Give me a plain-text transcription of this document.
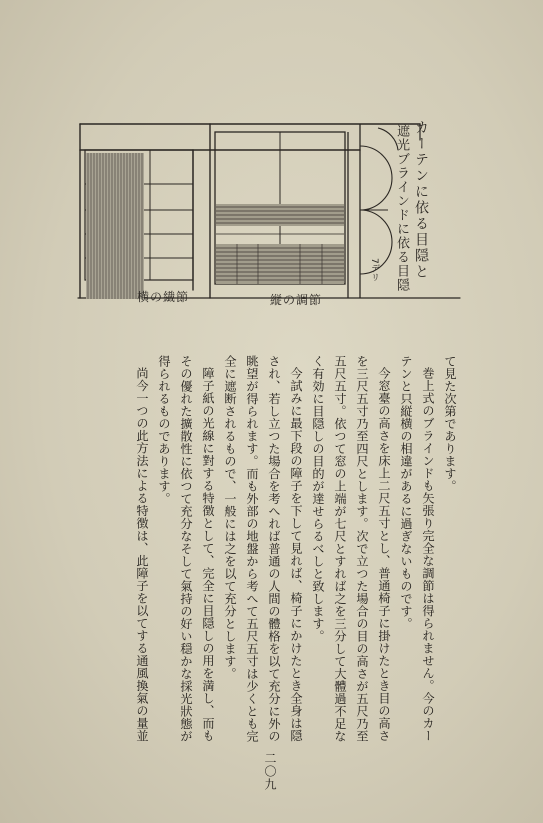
カーテンに依る目隠と
遮光ブラインドに依る目隠
7デリ
横の繊節	縦の調節

て見た次第であります。

巻上式のブラインドも矢張り完全な調節は得られません。今のカーテンと只縦横の相違があるに過ぎないものです。

今窓臺の高さを床上二尺五寸とし、普通椅子に掛けたとき目の高さを三尺五寸乃至四尺とします。次で立つた場合の目の高さが五尺乃至五尺五寸。依つて窓の上端が七尺とすれば之を三分して大體過不足なく有効に目隠しの目的が達せらるべしと致します。

今試みに最下段の障子を下して見れば、椅子にかけたとき全身は隠され、若し立つた場合を考へれば普通の人間の體格を以て充分に外の眺望が得られます。而も外部の地盤から考へて五尺五寸は少くとも完全に遮断されるもので、一般には之を以て充分とします。

障子紙の光線に對する特徴として、完全に目隠しの用を満し、而もその優れた擴散性に依つて充分なそして氣持の好い穏かな採光狀態が得られるものであります。

尚今一つの此方法による特徴は、此障子を以てする通風換氣の量並

二〇九
